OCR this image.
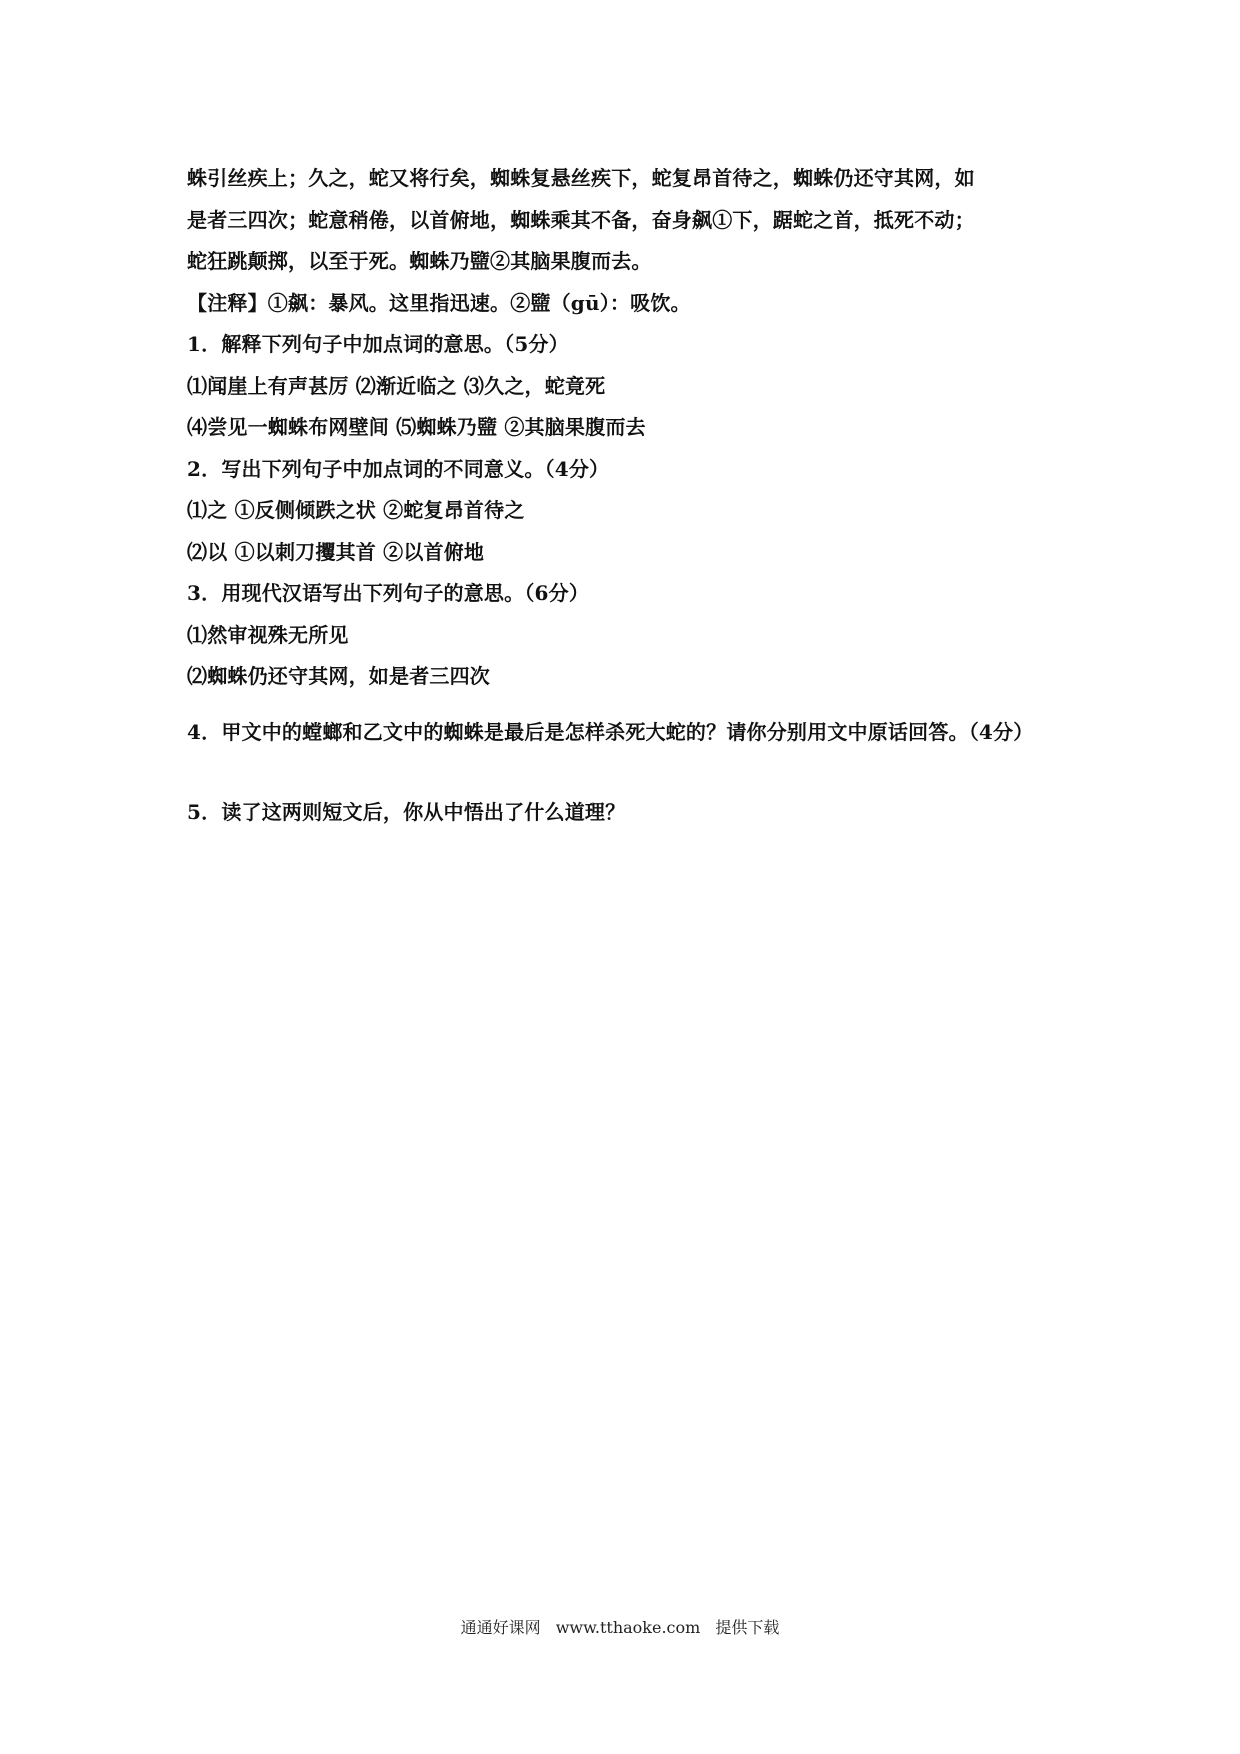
蛛引丝疾上；久之，蛇又将行矣，蜘蛛复悬丝疾下，蛇复昂首待之，蜘蛛仍还守其网，如
是者三四次；蛇意稍倦，以首俯地，蜘蛛乘其不备，奋身飙①下，踞蛇之首，抵死不动；
蛇狂跳颠掷，以至于死。蜘蛛乃盬②其脑果腹而去。
【注释】①飙：暴风。这里指迅速。②盬（gū）：吸饮。
1．解释下列句子中加点词的意思。（5分）
⑴闻崖上有声甚厉 ⑵渐近临之 ⑶久之，蛇竟死
⑷尝见一蜘蛛布网壁间 ⑸蜘蛛乃盬 ②其脑果腹而去
2．写出下列句子中加点词的不同意义。（4分）
⑴之 ①反侧倾跌之状 ②蛇复昂首待之
⑵以 ①以刺刀攫其首 ②以首俯地
3．用现代汉语写出下列句子的意思。（6分）
⑴然审视殊无所见
⑵蜘蛛仍还守其网，如是者三四次
4．甲文中的螳螂和乙文中的蜘蛛是最后是怎样杀死大蛇的？请你分别用文中原话回答。（4分）
5．读了这两则短文后，你从中悟出了什么道理？
通通好课网 www.tthaoke.com 提供下载
